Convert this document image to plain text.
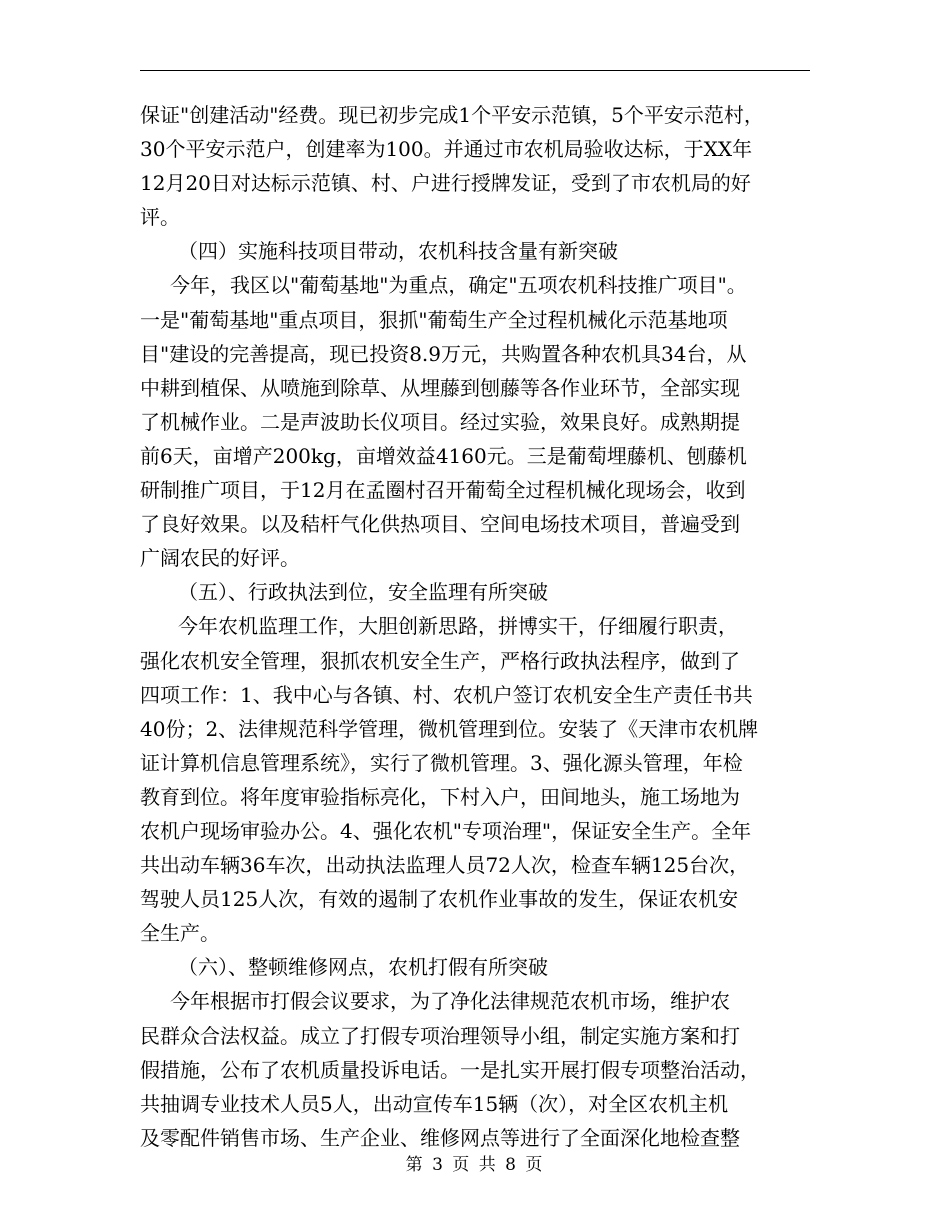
保证"创建活动"经费。现已初步完成1个平安示范镇，5个平安示范村，
30个平安示范户，创建率为100。并通过市农机局验收达标，于XX年
12月20日对达标示范镇、村、户进行授牌发证，受到了市农机局的好
评。
（四）实施科技项目带动，农机科技含量有新突破
今年，我区以"葡萄基地"为重点，确定"五项农机科技推广项目"。
一是"葡萄基地"重点项目，狠抓"葡萄生产全过程机械化示范基地项
目"建设的完善提高，现已投资8.9万元，共购置各种农机具34台，从
中耕到植保、从喷施到除草、从埋藤到刨藤等各作业环节，全部实现
了机械作业。二是声波助长仪项目。经过实验，效果良好。成熟期提
前6天，亩增产200kg，亩增效益4160元。三是葡萄埋藤机、刨藤机
研制推广项目，于12月在孟圈村召开葡萄全过程机械化现场会，收到
了良好效果。以及秸杆气化供热项目、空间电场技术项目，普遍受到
广阔农民的好评。
（五）、行政执法到位，安全监理有所突破
今年农机监理工作，大胆创新思路，拼博实干，仔细履行职责，
强化农机安全管理，狠抓农机安全生产，严格行政执法程序，做到了
四项工作：1、我中心与各镇、村、农机户签订农机安全生产责任书共
40份；2、法律规范科学管理，微机管理到位。安装了《天津市农机牌
证计算机信息管理系统》，实行了微机管理。3、强化源头管理，年检
教育到位。将年度审验指标亮化，下村入户，田间地头，施工场地为
农机户现场审验办公。4、强化农机"专项治理"，保证安全生产。全年
共出动车辆36车次，出动执法监理人员72人次，检查车辆125台次，
驾驶人员125人次，有效的遏制了农机作业事故的发生，保证农机安
全生产。
（六）、整顿维修网点，农机打假有所突破
今年根据市打假会议要求，为了净化法律规范农机市场，维护农
民群众合法权益。成立了打假专项治理领导小组，制定实施方案和打
假措施，公布了农机质量投诉电话。一是扎实开展打假专项整治活动，
共抽调专业技术人员5人，出动宣传车15辆（次），对全区农机主机
及零配件销售市场、生产企业、维修网点等进行了全面深化地检查整
第 3 页 共 8 页
